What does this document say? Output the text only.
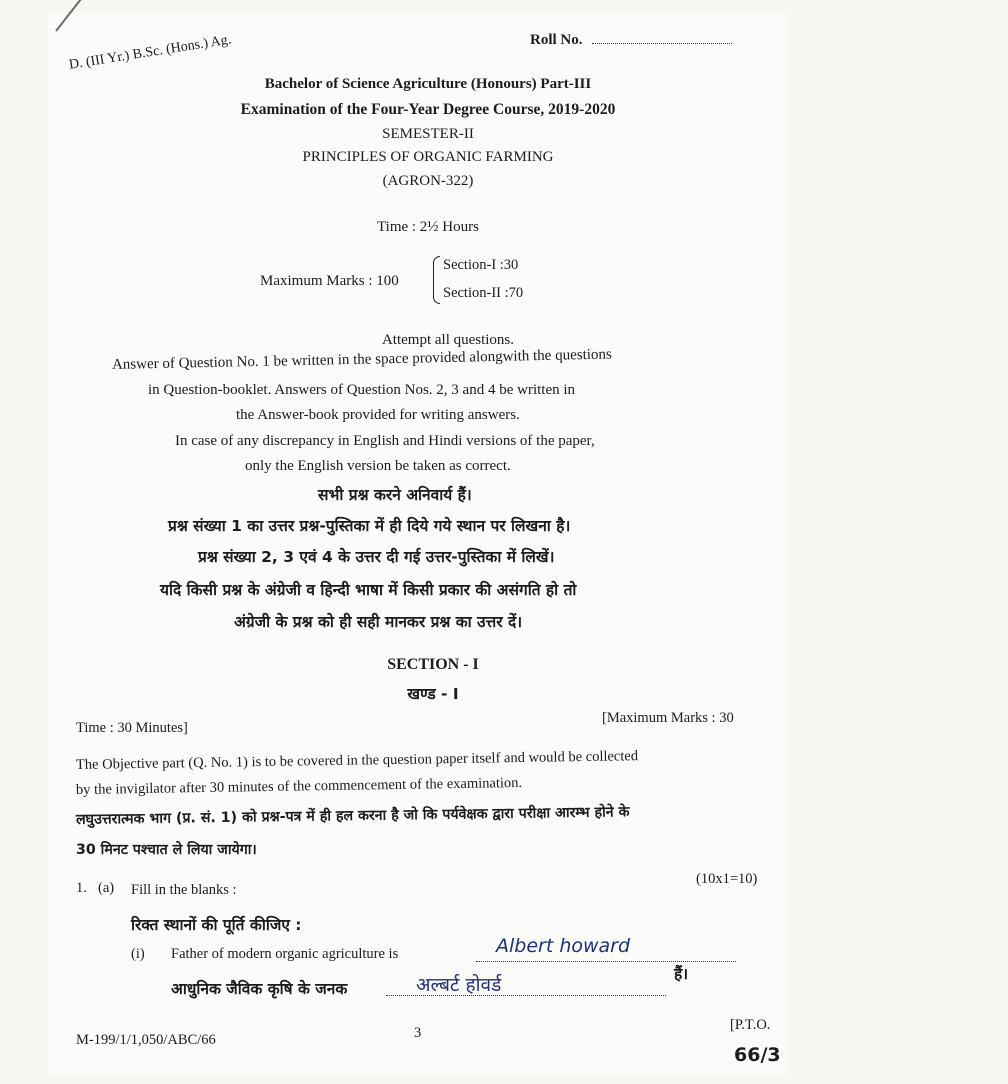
D. (III Yr.) B.Sc. (Hons.) Ag.	Roll No.
Bachelor of Science Agriculture (Honours) Part-III
Examination of the Four-Year Degree Course, 2019-2020
SEMESTER-II
PRINCIPLES OF ORGANIC FARMING
(AGRON-322)
Time : 2½ Hours
Maximum Marks : 100
Section-I :30
Section-II :70
Attempt all questions.
Answer of Question No. 1 be written in the space provided alongwith the questions
in Question-booklet. Answers of Question Nos. 2, 3 and 4 be written in
the Answer-book provided for writing answers.
In case of any discrepancy in English and Hindi versions of the paper,
only the English version be taken as correct.
सभी प्रश्न करने अनिवार्य हैं।
प्रश्न संख्या 1 का उत्तर प्रश्न-पुस्तिका में ही दिये गये स्थान पर लिखना है।
प्रश्न संख्या 2, 3 एवं 4 के उत्तर दी गई उत्तर-पुस्तिका में लिखें।
यदि किसी प्रश्न के अंग्रेजी व हिन्दी भाषा में किसी प्रकार की असंगति हो तो
अंग्रेजी के प्रश्न को ही सही मानकर प्रश्न का उत्तर दें।
SECTION - I
खण्ड - I
Time : 30 Minutes]
[Maximum Marks : 30
The Objective part (Q. No. 1) is to be covered in the question paper itself and would be collected
by the invigilator after 30 minutes of the commencement of the examination.
लघुउत्तरात्मक भाग (प्र. सं. 1) को प्रश्न-पत्र में ही हल करना है जो कि पर्यवेक्षक द्वारा परीक्षा आरम्भ होने के
30 मिनट पश्चात ले लिया जायेगा।
1. (a) Fill in the blanks :
(10x1=10)
रिक्त स्थानों की पूर्ति कीजिए :
(i) Father of modern organic agriculture is	Albert howard
आधुनिक जैविक कृषि के जनक	अल्बर्ट होवर्ड	हैं।
M-199/1/1,050/ABC/66	3	[P.T.O.
66/3
